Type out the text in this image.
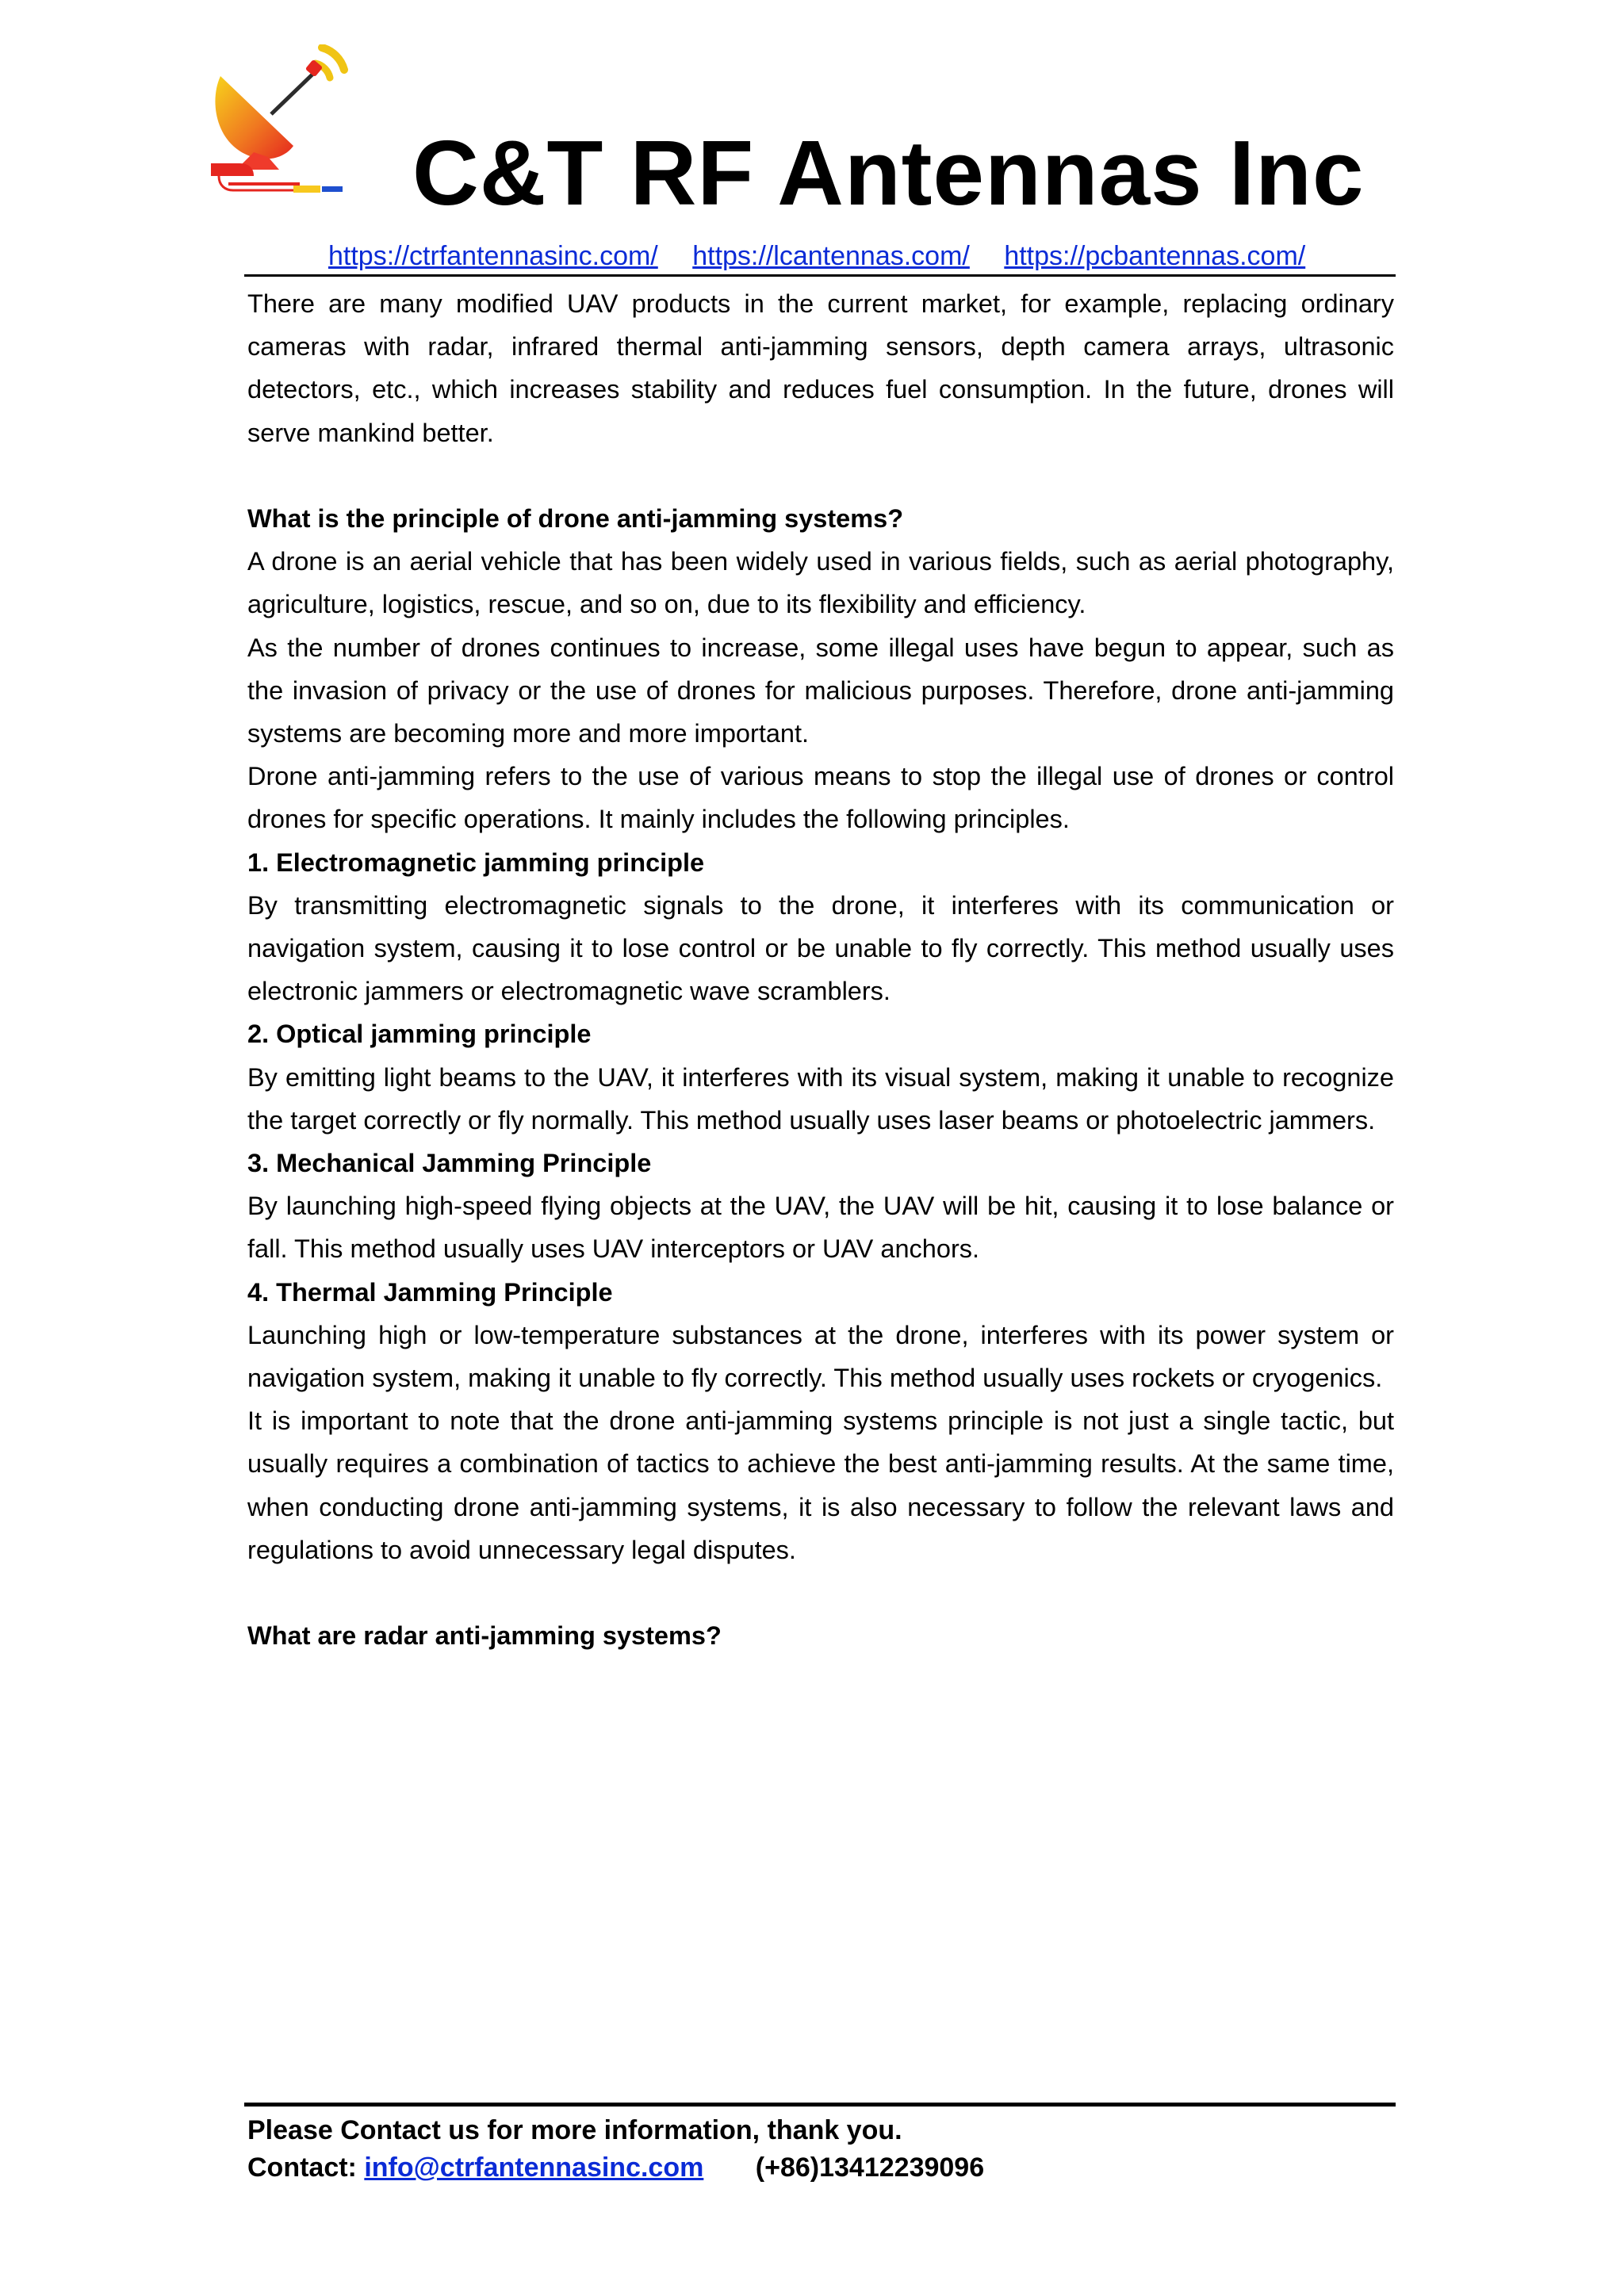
C&T RF Antennas Inc
https://ctrfantennasinc.com/ https://lcantennas.com/ https://pcbantennas.com/

There are many modified UAV products in the current market, for example, replacing ordinary cameras with radar, infrared thermal anti-jamming sensors, depth camera arrays, ultrasonic detectors, etc., which increases stability and reduces fuel consumption. In the future, drones will serve mankind better.

What is the principle of drone anti-jamming systems?

A drone is an aerial vehicle that has been widely used in various fields, such as aerial photography, agriculture, logistics, rescue, and so on, due to its flexibility and efficiency.

As the number of drones continues to increase, some illegal uses have begun to appear, such as the invasion of privacy or the use of drones for malicious purposes. Therefore, drone anti-jamming systems are becoming more and more important.

Drone anti-jamming refers to the use of various means to stop the illegal use of drones or control drones for specific operations. It mainly includes the following principles.

1. Electromagnetic jamming principle

By transmitting electromagnetic signals to the drone, it interferes with its communication or navigation system, causing it to lose control or be unable to fly correctly. This method usually uses electronic jammers or electromagnetic wave scramblers.

2. Optical jamming principle

By emitting light beams to the UAV, it interferes with its visual system, making it unable to recognize the target correctly or fly normally. This method usually uses laser beams or photoelectric jammers.

3. Mechanical Jamming Principle

By launching high-speed flying objects at the UAV, the UAV will be hit, causing it to lose balance or fall. This method usually uses UAV interceptors or UAV anchors.

4. Thermal Jamming Principle

Launching high or low-temperature substances at the drone, interferes with its power system or navigation system, making it unable to fly correctly. This method usually uses rockets or cryogenics.

It is important to note that the drone anti-jamming systems principle is not just a single tactic, but usually requires a combination of tactics to achieve the best anti-jamming results. At the same time, when conducting drone anti-jamming systems, it is also necessary to follow the relevant laws and regulations to avoid unnecessary legal disputes.

What are radar anti-jamming systems?

Please Contact us for more information, thank you.
Contact: info@ctrfantennasinc.com (+86)13412239096
